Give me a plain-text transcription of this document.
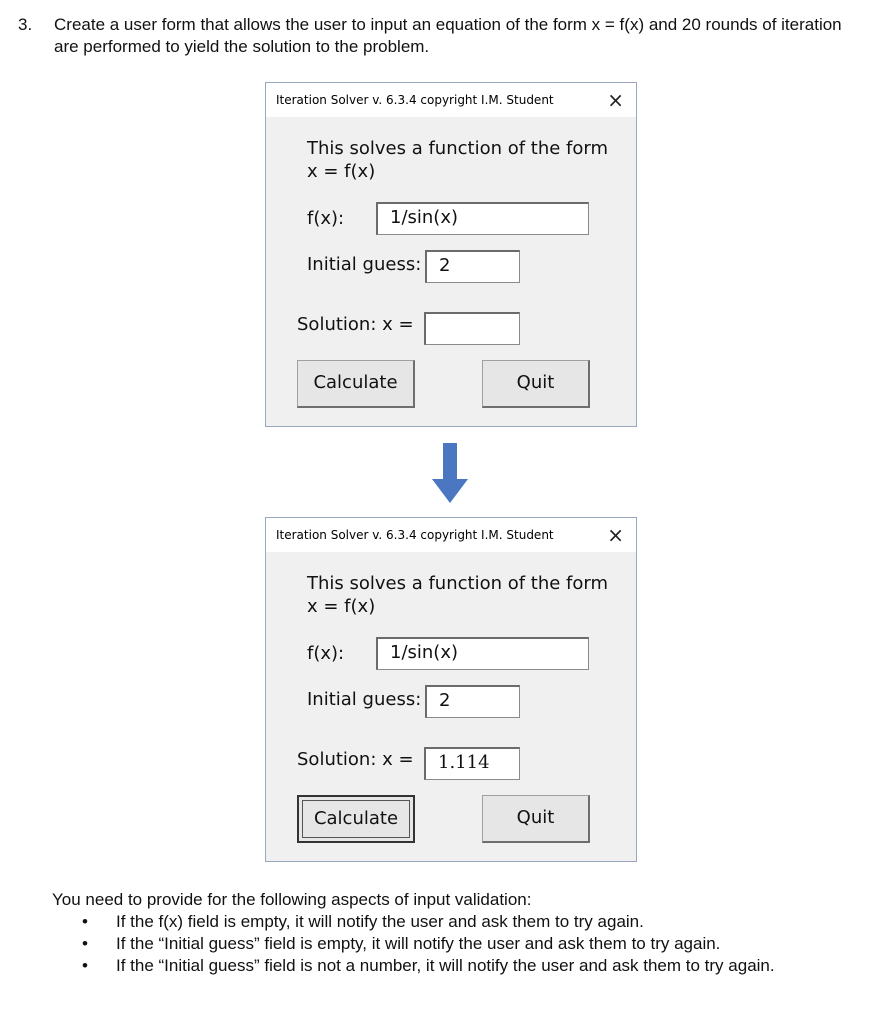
3. Create a user form that allows the user to input an equation of the form x = f(x) and 20 rounds of iteration are performed to yield the solution to the problem.
Iteration Solver v. 6.3.4 copyright I.M. Student	×
This solves a function of the form x = f(x)
f(x):	1/sin(x)
Initial guess: 2
Solution: x =
Calculate	Quit
Iteration Solver v. 6.3.4 copyright I.M. Student	×
This solves a function of the form x = f(x)
f(x):	1/sin(x)
Initial guess: 2
Solution: x =	1.114
Calculate	Quit
You need to provide for the following aspects of input validation:
• If the f(x) field is empty, it will notify the user and ask them to try again.
• If the “Initial guess” field is empty, it will notify the user and ask them to try again.
• If the “Initial guess” field is not a number, it will notify the user and ask them to try again.
